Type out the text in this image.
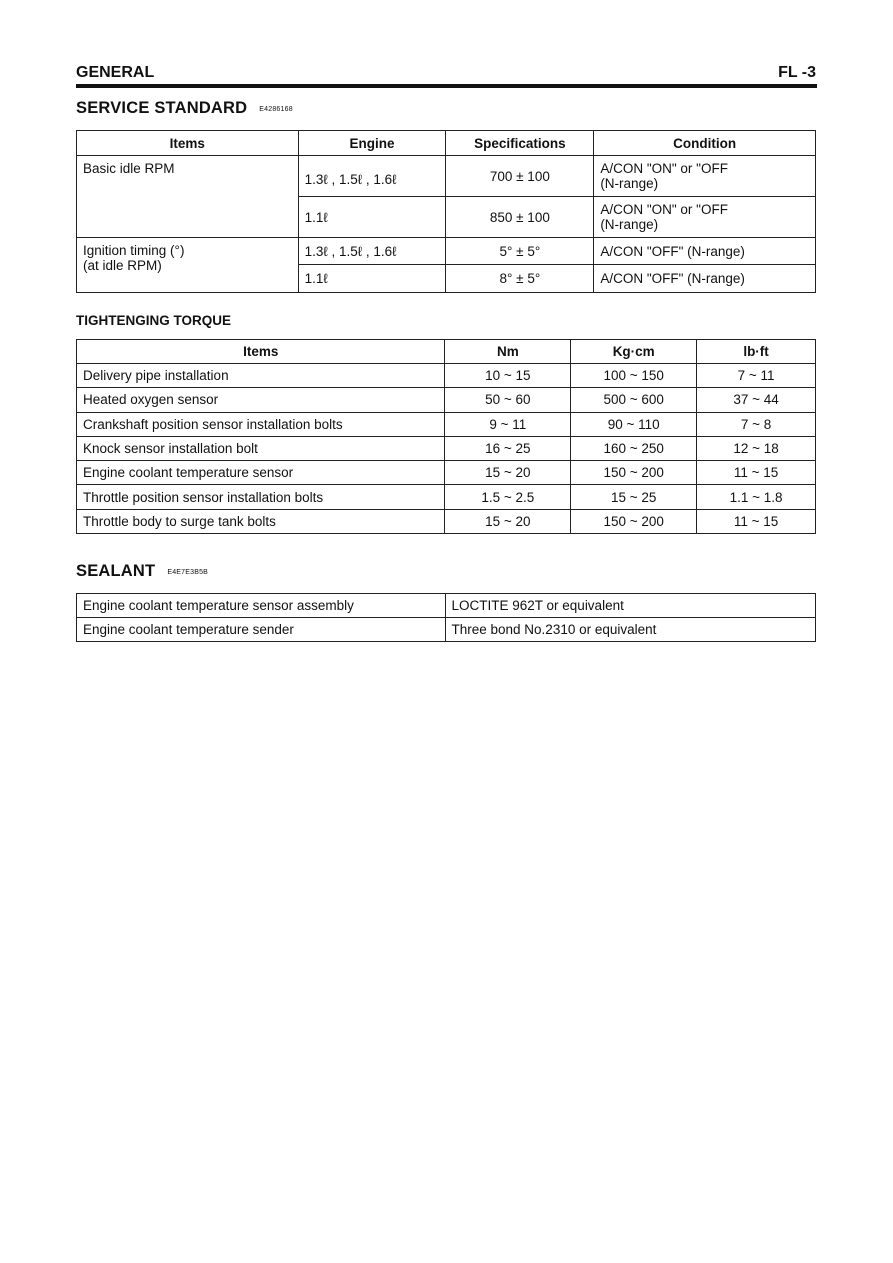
GENERAL	FL -3
SERVICE STANDARD E4286168
Items	Engine	Specifications	Condition
Basic idle RPM	1.3ℓ , 1.5ℓ , 1.6ℓ	700 ± 100	A/CON "ON" or "OFF
(N-range)

	1.1ℓ	850 ± 100	A/CON "ON" or "OFF
(N-range)

Ignition timing (°)
(at idle RPM)	1.3ℓ , 1.5ℓ , 1.6ℓ	5° ± 5°	A/CON "OFF" (N-range)
	1.1ℓ	8° ± 5°	A/CON "OFF" (N-range)
TIGHTENGING TORQUE
Items	Nm	Kg·cm	lb·ft
Delivery pipe installation	10 ~ 15	100 ~ 150	7 ~ 11
Heated oxygen sensor	50 ~ 60	500 ~ 600	37 ~ 44
Crankshaft position sensor installation bolts	9 ~ 11	90 ~ 110	7 ~ 8
Knock sensor installation bolt	16 ~ 25	160 ~ 250	12 ~ 18
Engine coolant temperature sensor	15 ~ 20	150 ~ 200	11 ~ 15
Throttle position sensor installation bolts	1.5 ~ 2.5	15 ~ 25	1.1 ~ 1.8
Throttle body to surge tank bolts	15 ~ 20	150 ~ 200	11 ~ 15
SEALANT E4E7E3B5B
Engine coolant temperature sensor assembly	LOCTITE 962T or equivalent
Engine coolant temperature sender	Three bond No.2310 or equivalent
